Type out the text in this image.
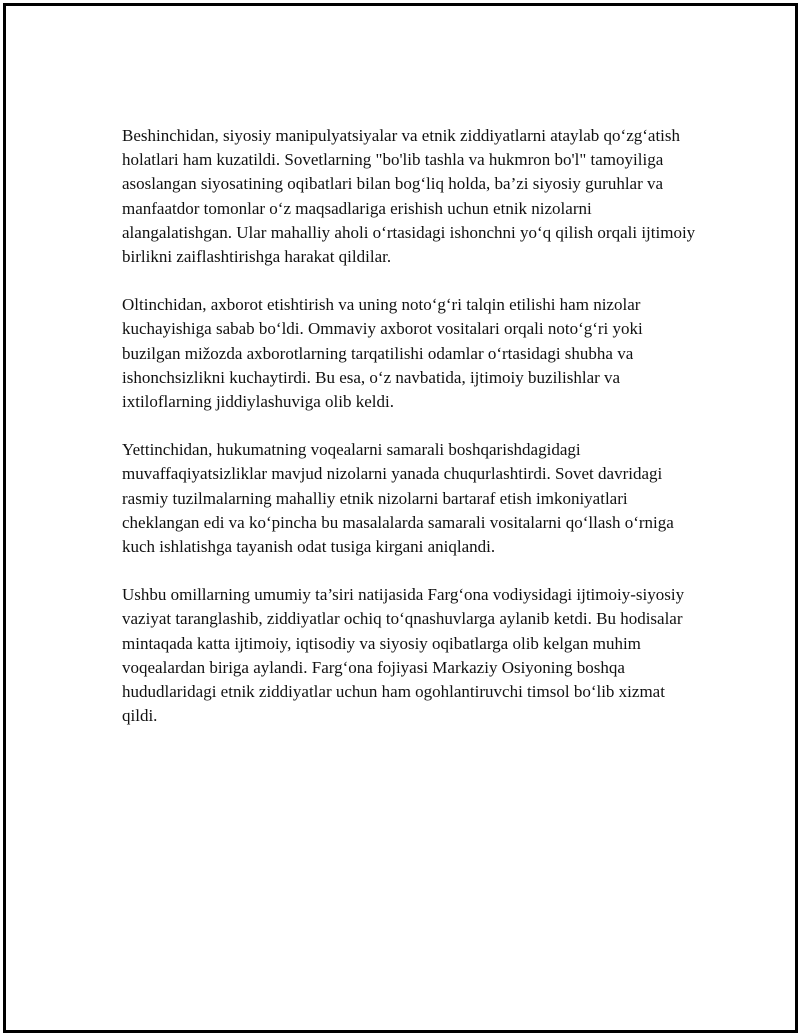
Beshinchidan, siyosiy manipulyatsiyalar va etnik ziddiyatlarni ataylab qo‘zg‘atish holatlari ham kuzatildi. Sovetlarning "bo'lib tashla va hukmron bo'l" tamoyiliga asoslangan siyosatining oqibatlari bilan bog‘liq holda, ba’zi siyosiy guruhlar va manfaatdor tomonlar o‘z maqsadlariga erishish uchun etnik nizolarni alangalatishgan. Ular mahalliy aholi o‘rtasidagi ishonchni yo‘q qilish orqali ijtimoiy birlikni zaiflashtirishga harakat qildilar.

Oltinchidan, axborot etishtirish va uning noto‘g‘ri talqin etilishi ham nizolar kuchayishiga sabab bo‘ldi. Ommaviy axborot vositalari orqali noto‘g‘ri yoki buzilgan mižozda axborotlarning tarqatilishi odamlar o‘rtasidagi shubha va ishonchsizlikni kuchaytirdi. Bu esa, o‘z navbatida, ijtimoiy buzilishlar va ixtiloflarning jiddiylashuviga olib keldi.

Yettinchidan, hukumatning voqealarni samarali boshqarishdagidagi muvaffaqiyatsizliklar mavjud nizolarni yanada chuqurlashtirdi. Sovet davridagi rasmiy tuzilmalarning mahalliy etnik nizolarni bartaraf etish imkoniyatlari cheklangan edi va ko‘pincha bu masalalarda samarali vositalarni qo‘llash o‘rniga kuch ishlatishga tayanish odat tusiga kirgani aniqlandi.

Ushbu omillarning umumiy ta’siri natijasida Farg‘ona vodiysidagi ijtimoiy-siyosiy vaziyat taranglashib, ziddiyatlar ochiq to‘qnashuvlarga aylanib ketdi. Bu hodisalar mintaqada katta ijtimoiy, iqtisodiy va siyosiy oqibatlarga olib kelgan muhim voqealardan biriga aylandi. Farg‘ona fojiyasi Markaziy Osiyoning boshqa hududlaridagi etnik ziddiyatlar uchun ham ogohlantiruvchi timsol bo‘lib xizmat qildi.
